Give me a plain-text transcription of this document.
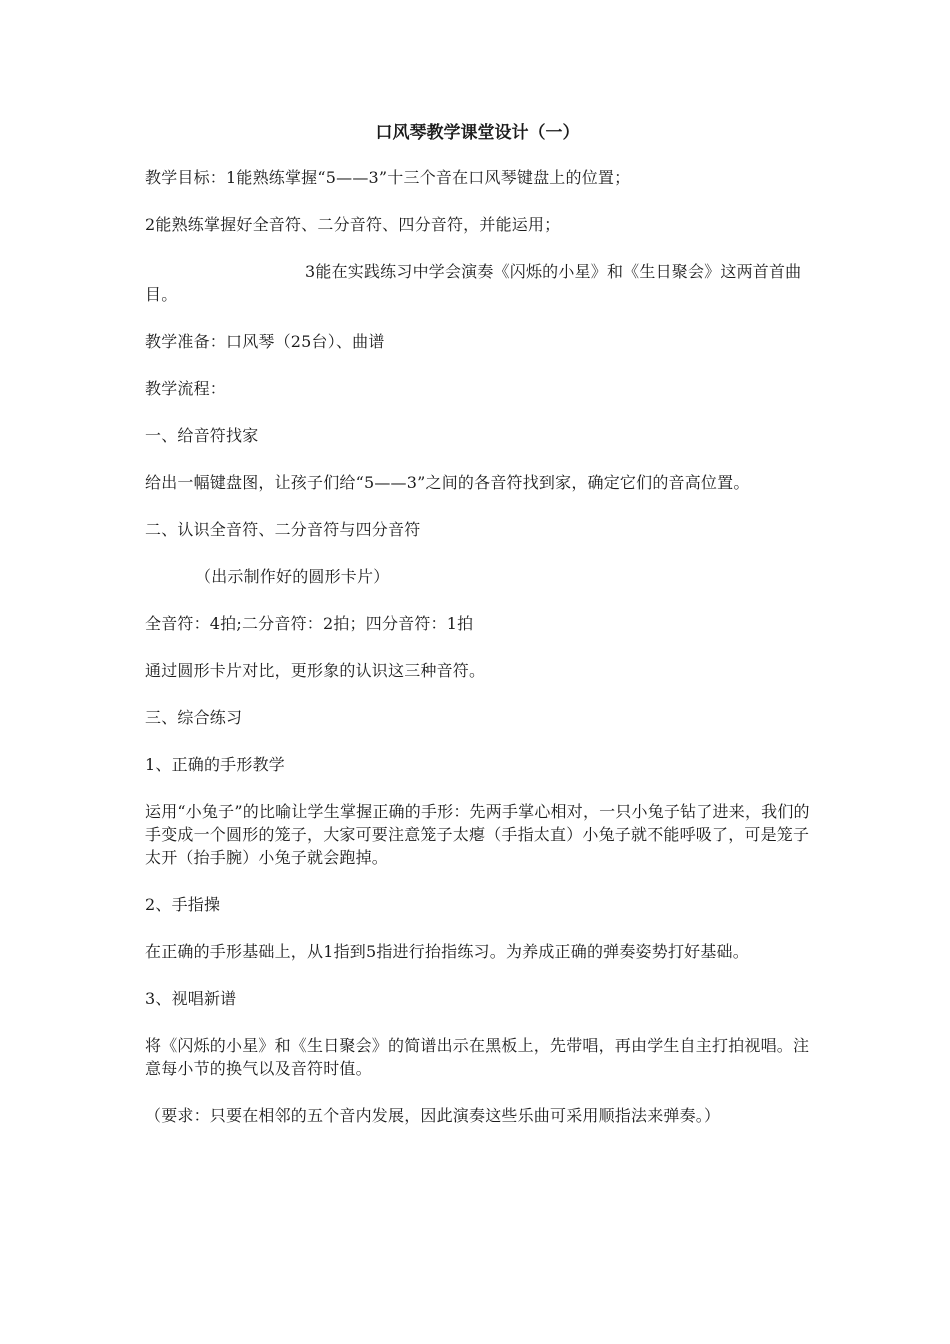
口风琴教学课堂设计（一）
教学目标：1能熟练掌握“5——3”十三个音在口风琴键盘上的位置；
2能熟练掌握好全音符、二分音符、四分音符，并能运用；
3能在实践练习中学会演奏《闪烁的小星》和《生日聚会》这两首首曲目。
教学准备：口风琴（25台）、曲谱
教学流程：
一、给音符找家
给出一幅键盘图，让孩子们给“5——3”之间的各音符找到家，确定它们的音高位置。
二、认识全音符、二分音符与四分音符
（出示制作好的圆形卡片）
全音符：4拍;二分音符：2拍；四分音符：1拍
通过圆形卡片对比，更形象的认识这三种音符。
三、综合练习
1、正确的手形教学
运用“小兔子”的比喻让学生掌握正确的手形：先两手掌心相对，一只小兔子钻了进来，我们的手变成一个圆形的笼子，大家可要注意笼子太瘪（手指太直）小兔子就不能呼吸了，可是笼子太开（抬手腕）小兔子就会跑掉。
2、手指操
在正确的手形基础上，从1指到5指进行抬指练习。为养成正确的弹奏姿势打好基础。
3、视唱新谱
将《闪烁的小星》和《生日聚会》的简谱出示在黑板上，先带唱，再由学生自主打拍视唱。注意每小节的换气以及音符时值。
（要求：只要在相邻的五个音内发展，因此演奏这些乐曲可采用顺指法来弹奏。）
